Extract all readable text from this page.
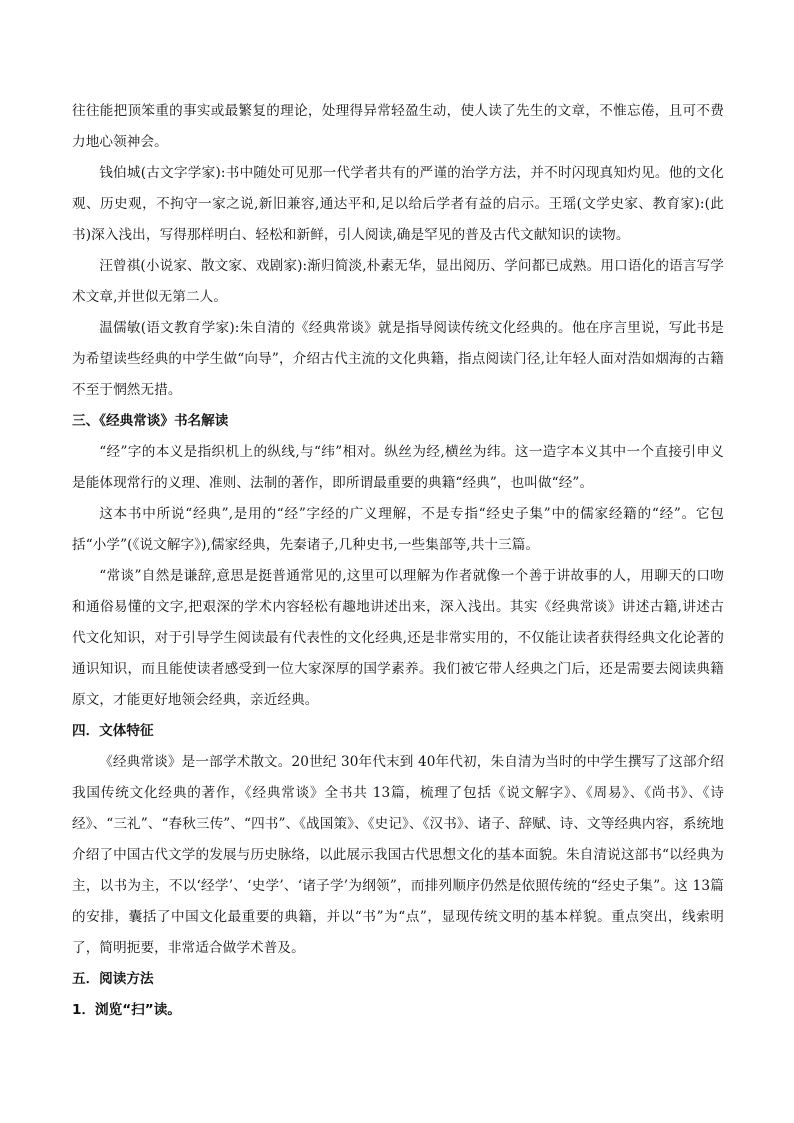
往往能把顶笨重的事实或最繁复的理论，处理得异常轻盈生动，使人读了先生的文章，不惟忘倦，且可不费力地心领神会。

钱伯城(古文字学家):书中随处可见那一代学者共有的严谨的治学方法，并不时闪现真知灼见。他的文化观、历史观，不拘守一家之说,新旧兼容,通达平和,足以给后学者有益的启示。王瑶(文学史家、教育家):(此书)深入浅出，写得那样明白、轻松和新鲜，引人阅读,确是罕见的普及古代文献知识的读物。

汪曾祺(小说家、散文家、戏剧家):渐归简淡,朴素无华，显出阅历、学问都已成熟。用口语化的语言写学术文章,并世似无第二人。

温儒敏(语文教育学家):朱自清的《经典常谈》就是指导阅读传统文化经典的。他在序言里说，写此书是为希望读些经典的中学生做“向导”，介绍古代主流的文化典籍，指点阅读门径,让年轻人面对浩如烟海的古籍不至于惘然无措。

三、《经典常谈》书名解读

“经”字的本义是指织机上的纵线,与“纬”相对。纵丝为经,横丝为纬。这一造字本义其中一个直接引申义是能体现常行的义理、准则、法制的著作，即所谓最重要的典籍“经典”，也叫做“经”。

这本书中所说“经典”,是用的“经”字经的广义理解，不是专指“经史子集”中的儒家经籍的“经”。它包括“小学”(《说文解字》),儒家经典，先秦诸子,几种史书,一些集部等,共十三篇。

“常谈”自然是谦辞,意思是挺普通常见的,这里可以理解为作者就像一个善于讲故事的人，用聊天的口吻和通俗易懂的文字,把艰深的学术内容轻松有趣地讲述出来，深入浅出。其实《经典常谈》讲述古籍,讲述古代文化知识，对于引导学生阅读最有代表性的文化经典,还是非常实用的，不仅能让读者获得经典文化论著的通识知识，而且能使读者感受到一位大家深厚的国学素养。我们被它带人经典之门后，还是需要去阅读典籍原文，才能更好地领会经典，亲近经典。

四．文体特征

《经典常谈》是一部学术散文。20世纪 30年代末到 40年代初，朱自清为当时的中学生撰写了这部介绍我国传统文化经典的著作，《经典常谈》全书共 13篇，梳理了包括《说文解字》、《周易》、《尚书》、《诗经》、“三礼”、“春秋三传”、“四书”、《战国策》、《史记》、《汉书》、诸子、辞赋、诗、文等经典内容，系统地介绍了中国古代文学的发展与历史脉络，以此展示我国古代思想文化的基本面貌。朱自清说这部书“以经典为主，以书为主，不以‘经学’、‘史学’、‘诸子学’为纲领”，而排列顺序仍然是依照传统的“经史子集”。这 13篇的安排，囊括了中国文化最重要的典籍，并以“书”为“点”，显现传统文明的基本样貌。重点突出，线索明了，简明扼要，非常适合做学术普及。

五．阅读方法

1．浏览“扫”读。
